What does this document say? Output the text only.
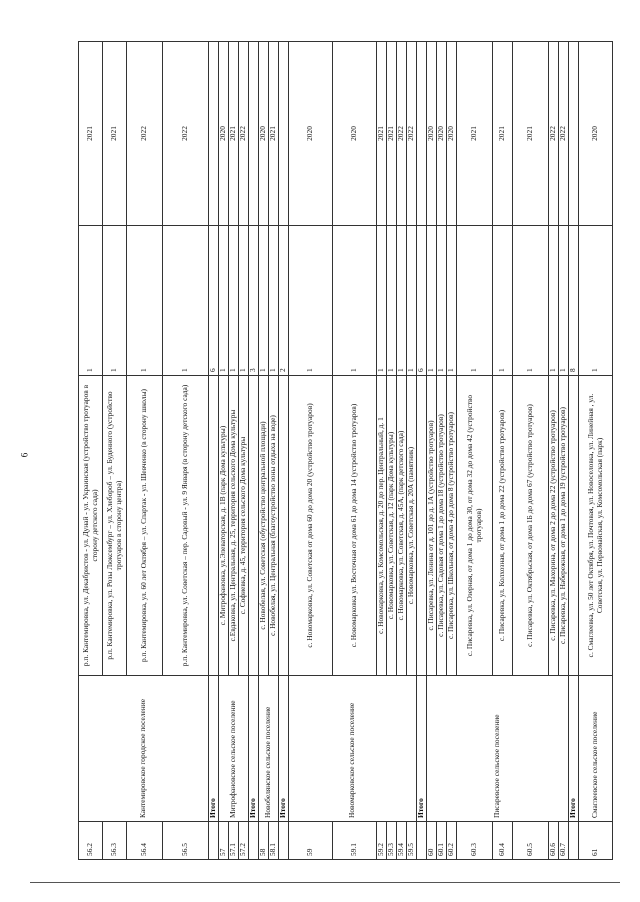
6
56.2	Кантемировское городское поселение	р.п. Кантемировка, ул. Декабристов - ул. Дунай - ул. Украинская (устройство тротуаров в сторону детского сада)	1	2021
56.3		р.п. Кантемировка, ул. Розы Люксембург – ул. Хлебороб – ул. Буденного (устройство тротуаров в сторону центра)	1	2021
56.4		р.п. Кантемировка, ул. 60 лет Октября – ул. Спартак - ул. Шевченко (в сторону школы)	1	2022
56.5		р.п. Кантемировка, ул. Советская – пер. Садовый - ул. 9 Января (в сторону детского сада)	1	2022
	Итого		6	
57	Митрофановское сельское поселение	с. Митрофановка, ул.Элеваторская, д. 1В (парк Дома культуры)	1	2020
57.1		с.Евдаковка, ул. Центральная, д. 25, территория сельского Дома культуры	1	2021
57.2		с. Софиевка, д. 45, территория сельского Дома культуры	1	2022
	Итого		3	
58	Новобелянское сельское поселение	с. Новобелая, ул. Советская (обустройство центральной площади)	1	2020
58.1		с. Новобелая, ул. Центральная (благоустройство зоны отдыха на воде)	1	2021
	Итого		2	
59	Новомарковское сельское поселение	с. Новомарковка, ул. Советская от дома 60 до дома 20 (устройство тротуаров)	1	2020
59.1		с. Новомарковка ул. Восточная от дома 61 до дома 14 (устройство тротуаров)	1	2020
59.2		с. Новомарковка, ул. Комсомольская, д. 20 до пер. Центральный, д. 1	1	2021
59.3		с. Новомарковка, ул. Советская, д. 12 (парк Дома культуры)	1	2021
59.4		с. Новомарковка, ул. Советская, д. 45А, (парк детского сада)	1	2022
59.5		с. Новомарковка, ул. Советская д. 20А (памятник)	1	2022
	Итого		6	
60	Писаревское сельское поселение	с. Писаревка, ул. Ленина от д. 101 до д. 1А (устройство тротуаров)	1	2020
60.1		с. Писаревка, ул. Садовая от дома 1 до дома 18 (устройство тротуаров)	1	2020
60.2		с. Писаревка, ул. Школьная, от дома 4 до дома 8 (устройство тротуаров)	1	2020
60.3		с. Писаревка, ул. Озерная, от дома 1 до дома 30, от дома 32 до дома 42 (устройство тротуаров)	1	2021
60.4		с. Писаревка, ул. Колхозная, от дома 1 до дома 22 (устройство тротуаров)	1	2021
60.5		с. Писаревка, ул. Октябрьская, от дома 1Б до дома 67 (устройство тротуаров)	1	2021
60.6		с. Писаревка, ул. Махорина, от дома 2 до дома 22 (устройство тротуаров)	1	2022
60.7		с. Писаревка, ул. Набережная, от дома 1 до дома 19 (устройство тротуаров)	1	2022
	Итого		8	
61	Смаглеевское сельское поселение	с. Смаглеевка, ул. 50 лет Октября, ул. Почтовая, ул. Новоселовка, ул. Линейная , ул. Советская, ул. Первомайская, ул. Комсомольская (парк)	1	2020
